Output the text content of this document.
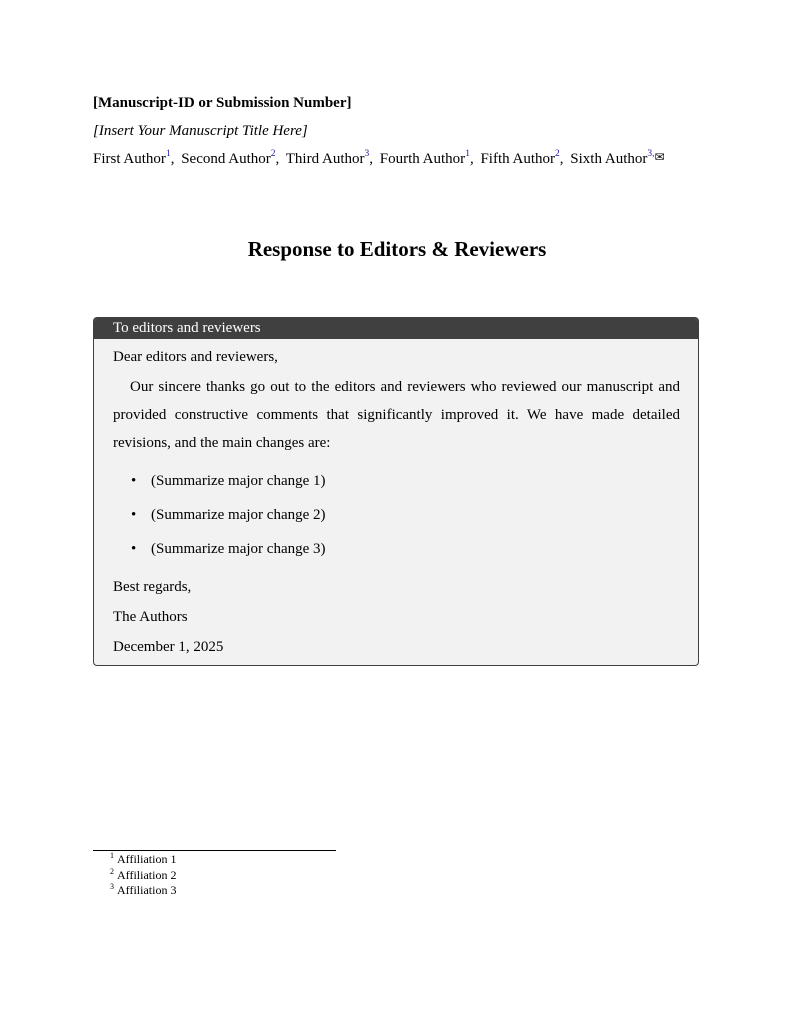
[Manuscript-ID or Submission Number]
[Insert Your Manuscript Title Here]
First Author$^1$, Second Author$^2$, Third Author$^3$, Fourth Author$^1$, Fifth Author$^2$, Sixth Author$^{3,}$✉
Response to Editors & Reviewers
To editors and reviewers
Dear editors and reviewers,
Our sincere thanks go out to the editors and reviewers who reviewed our manuscript and provided constructive comments that significantly improved it. We have made detailed revisions, and the main changes are:
• (Summarize major change 1)
• (Summarize major change 2)
• (Summarize major change 3)
Best regards,
The Authors
December 1, 2025
$^1$ Affiliation 1
$^2$ Affiliation 2
$^3$ Affiliation 3
